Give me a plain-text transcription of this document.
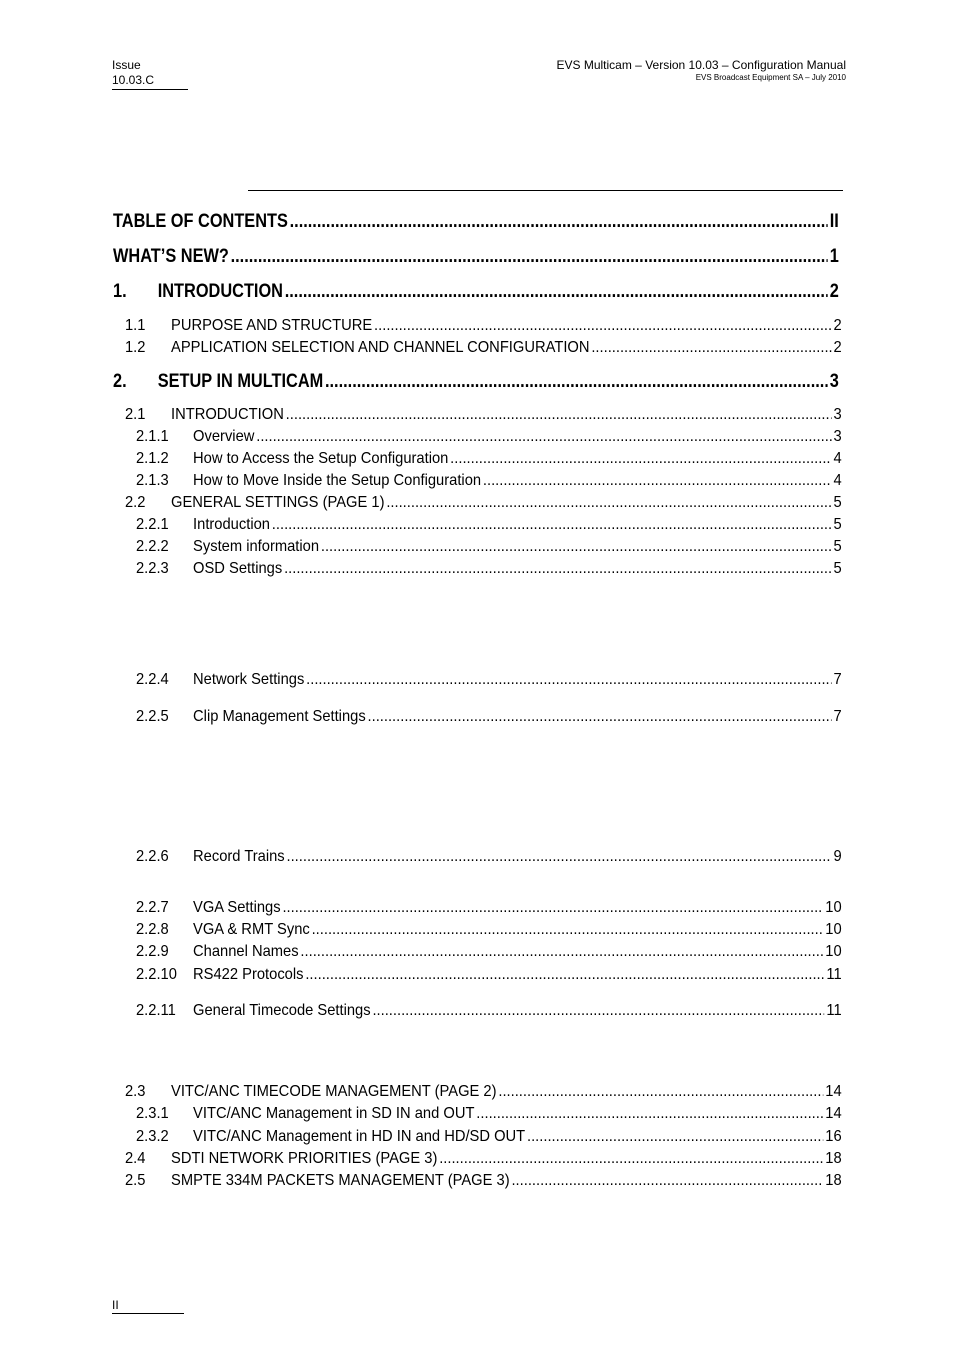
Issue
10.03.C
EVS Multicam – Version 10.03 – Configuration Manual
EVS Broadcast Equipment SA – July 2010
TABLE OF CONTENTS .....	II
WHAT’S NEW? .....	1
1.	INTRODUCTION .....	2
1.1	PURPOSE AND STRUCTURE .....	2
1.2	APPLICATION SELECTION AND CHANNEL CONFIGURATION .....	2
2.	SETUP IN MULTICAM .....	3
2.1	INTRODUCTION .....	3
2.1.1	Overview .....	3
2.1.2	How to Access the Setup Configuration .....	4
2.1.3	How to Move Inside the Setup Configuration .....	4
2.2	GENERAL SETTINGS (PAGE 1) .....	5
2.2.1	Introduction .....	5
2.2.2	System information .....	5
2.2.3	OSD Settings .....	5
2.2.4	Network Settings .....	7
2.2.5	Clip Management Settings .....	7
2.2.6	Record Trains .....	9
2.2.7	VGA Settings .....	10
2.2.8	VGA & RMT Sync .....	10
2.2.9	Channel Names .....	10
2.2.10	RS422 Protocols .....	11
2.2.11	General Timecode Settings .....	11
2.3	VITC/ANC TIMECODE MANAGEMENT (PAGE 2) .....	14
2.3.1	VITC/ANC Management in SD IN and OUT .....	14
2.3.2	VITC/ANC Management in HD IN and HD/SD OUT .....	16
2.4	SDTI NETWORK PRIORITIES (PAGE 3) .....	18
2.5	SMPTE 334M PACKETS MANAGEMENT (PAGE 3) .....	18
II
